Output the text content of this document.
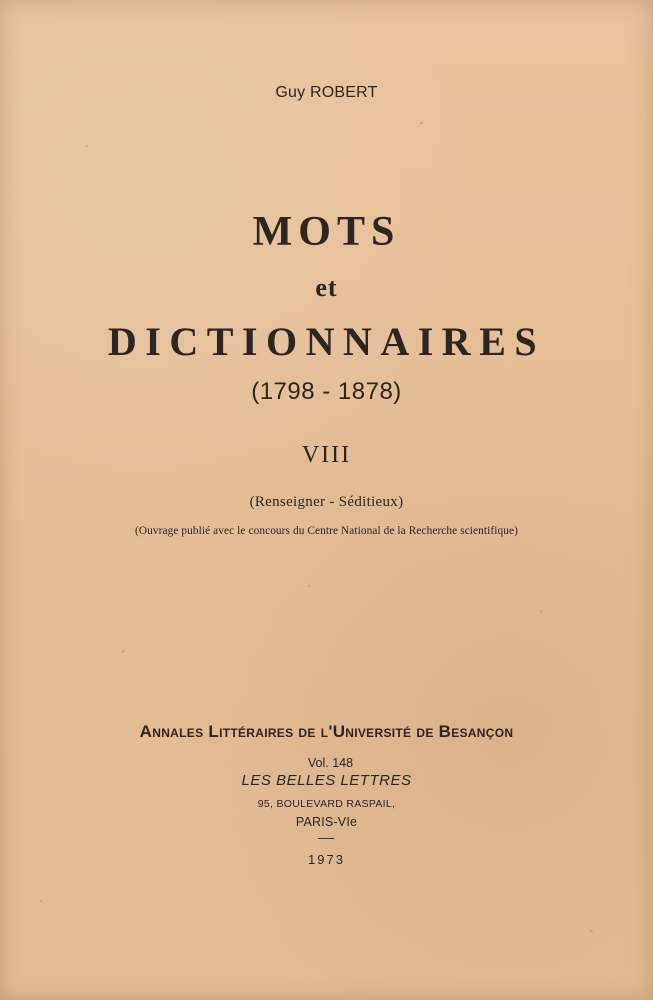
Guy ROBERT
MOTS
et
DICTIONNAIRES
(1798 - 1878)
VIII
(Renseigner - Séditieux)
(Ouvrage publié avec le concours du Centre National de la Recherche scientifique)
Annales Littéraires de l'Université de Besançon
Vol. 148
LES BELLES LETTRES
95, BOULEVARD RASPAIL,
PARIS-VIe
1973
